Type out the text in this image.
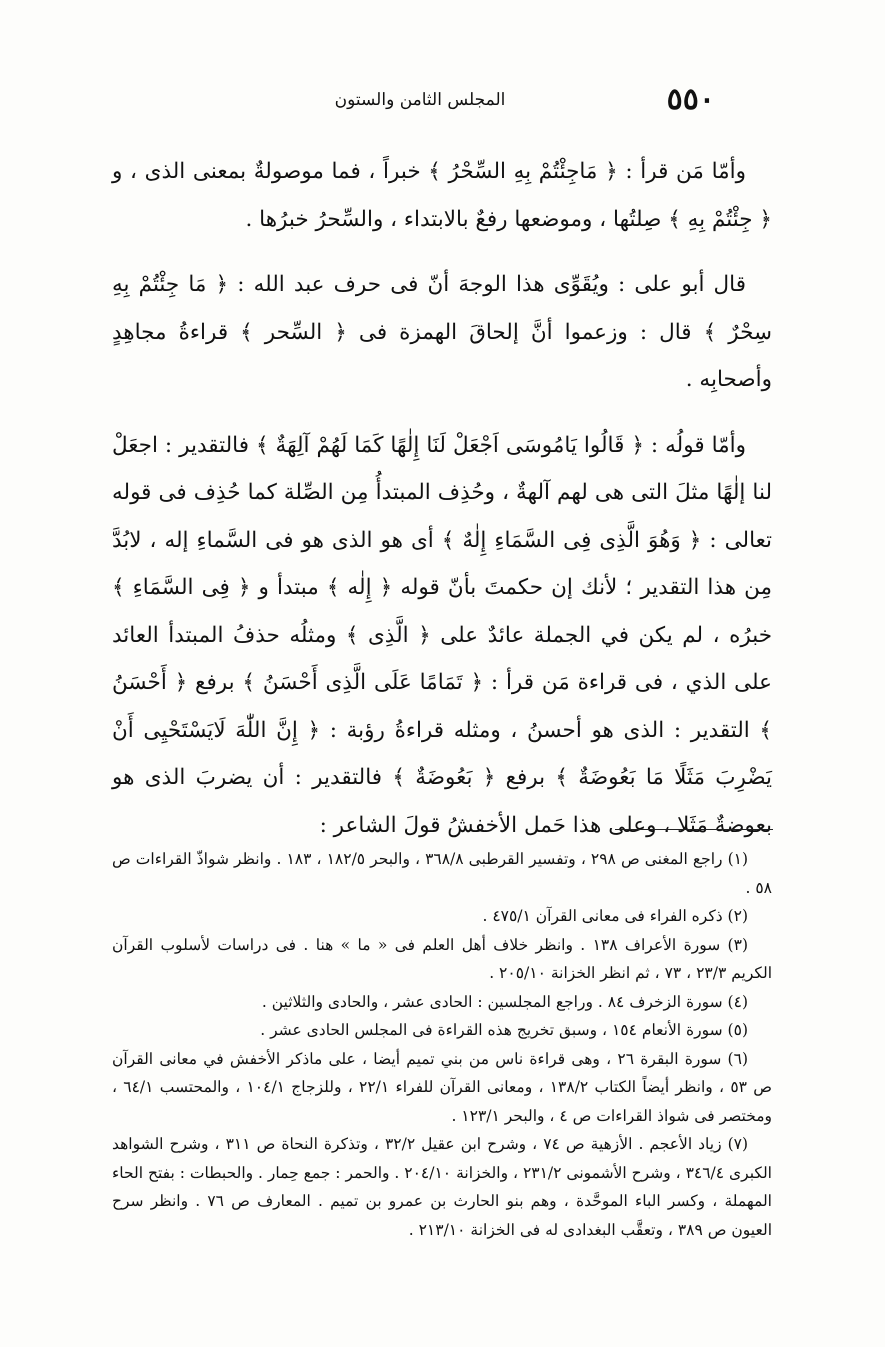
٥٥٠
المجلس الثامن والستون

وأمّا مَن قرأ : ﴿ مَاجِئْتُمْ بِهِ السِّحْرُ ﴾ خبراً ، فما موصولةٌ بمعنى الذى ، و ﴿ جِئْتُمْ بِهِ ﴾ صِلتُها ، وموضعها رفعٌ بالابتداء ، والسِّحرُ خبرُها .

قال أبو على : ويُقَوِّى هذا الوجهَ أنّ فى حرف عبد الله : ﴿ مَا جِئْتُمْ بِهِ سِحْرٌ ﴾ قال : وزعموا أنَّ إلحاقَ الهمزة فى ﴿ السِّحر ﴾ قراءةُ مجاهِدٍ وأصحابِه .

وأمّا قولُه : ﴿ قَالُوا يَامُوسَى اَجْعَلْ لَنَا إِلٰهًا كَمَا لَهُمْ آلِهَةٌ ﴾ فالتقدير : اجعَلْ لنا إلٰهًا مثلَ التى هى لهم آلهةٌ ، وحُذِف المبتدأُ مِن الصِّلة كما حُذِف فى قوله تعالى : ﴿ وَهُوَ الَّذِى فِى السَّمَاءِ إِلٰهٌ ﴾ أى هو الذى هو فى السَّماءِ إله ، لابُدَّ مِن هذا التقدير ؛ لأنك إن حكمتَ بأنّ قوله ﴿ إِلٰه ﴾ مبتدأ و ﴿ فِى السَّمَاءِ ﴾ خبرُه ، لم يكن في الجملة عائدٌ على ﴿ الَّذِى ﴾ ومثلُه حذفُ المبتدأ العائد على الذي ، فى قراءة مَن قرأ : ﴿ تَمَامًا عَلَى الَّذِى أَحْسَنُ ﴾ برفع ﴿ أَحْسَنُ ﴾ التقدير : الذى هو أحسنُ ، ومثله قراءةُ رؤبة : ﴿ إِنَّ اللّٰهَ لَايَسْتَحْيِى أَنْ يَضْرِبَ مَثَلًا مَا بَعُوضَةٌ ﴾ برفع ﴿ بَعُوضَةٌ ﴾ فالتقدير : أن يضربَ الذى هو بعوضةٌ مَثَلا ، وعلى هذا حَمل الأخفشُ قولَ الشاعر :

(١) راجع المغنى ص ٢٩٨ ، وتفسير القرطبى ٣٦٨/٨ ، والبحر ١٨٢/٥ ، ١٨٣ . وانظر شواذّ القراءات ص ٥٨ .

(٢) ذكره الفراء فى معانى القرآن ٤٧٥/١ .

(٣) سورة الأعراف ١٣٨ . وانظر خلاف أهل العلم فى « ما » هنا . فى دراسات لأسلوب القرآن الكريم ٢٣/٣ ، ٧٣ ، ثم انظر الخزانة ٢٠٥/١٠ .

(٤) سورة الزخرف ٨٤ . وراجع المجلسين : الحادى عشر ، والحادى والثلاثين .

(٥) سورة الأنعام ١٥٤ ، وسبق تخريج هذه القراءة فى المجلس الحادى عشر .

(٦) سورة البقرة ٢٦ ، وهى قراءة ناس من بني تميم أيضا ، على ماذكر الأخفش في معانى القرآن ص ٥٣ ، وانظر أيضاً الكتاب ١٣٨/٢ ، ومعانى القرآن للفراء ٢٢/١ ، وللزجاج ١٠٤/١ ، والمحتسب ٦٤/١ ، ومختصر فى شواذ القراءات ص ٤ ، والبحر ١٢٣/١ .

(٧) زياد الأعجم . الأزهية ص ٧٤ ، وشرح ابن عقيل ٣٢/٢ ، وتذكرة النحاة ص ٣١١ ، وشرح الشواهد الكبرى ٣٤٦/٤ ، وشرح الأشمونى ٢٣١/٢ ، والخزانة ٢٠٤/١٠ . والحمر : جمع حِمار . والحبطات : بفتح الحاء المهملة ، وكسر الباء الموحَّدة ، وهم بنو الحارث بن عمرو بن تميم . المعارف ص ٧٦ . وانظر سرح العيون ص ٣٨٩ ، وتعقَّب البغدادى له فى الخزانة ٢١٣/١٠ .
